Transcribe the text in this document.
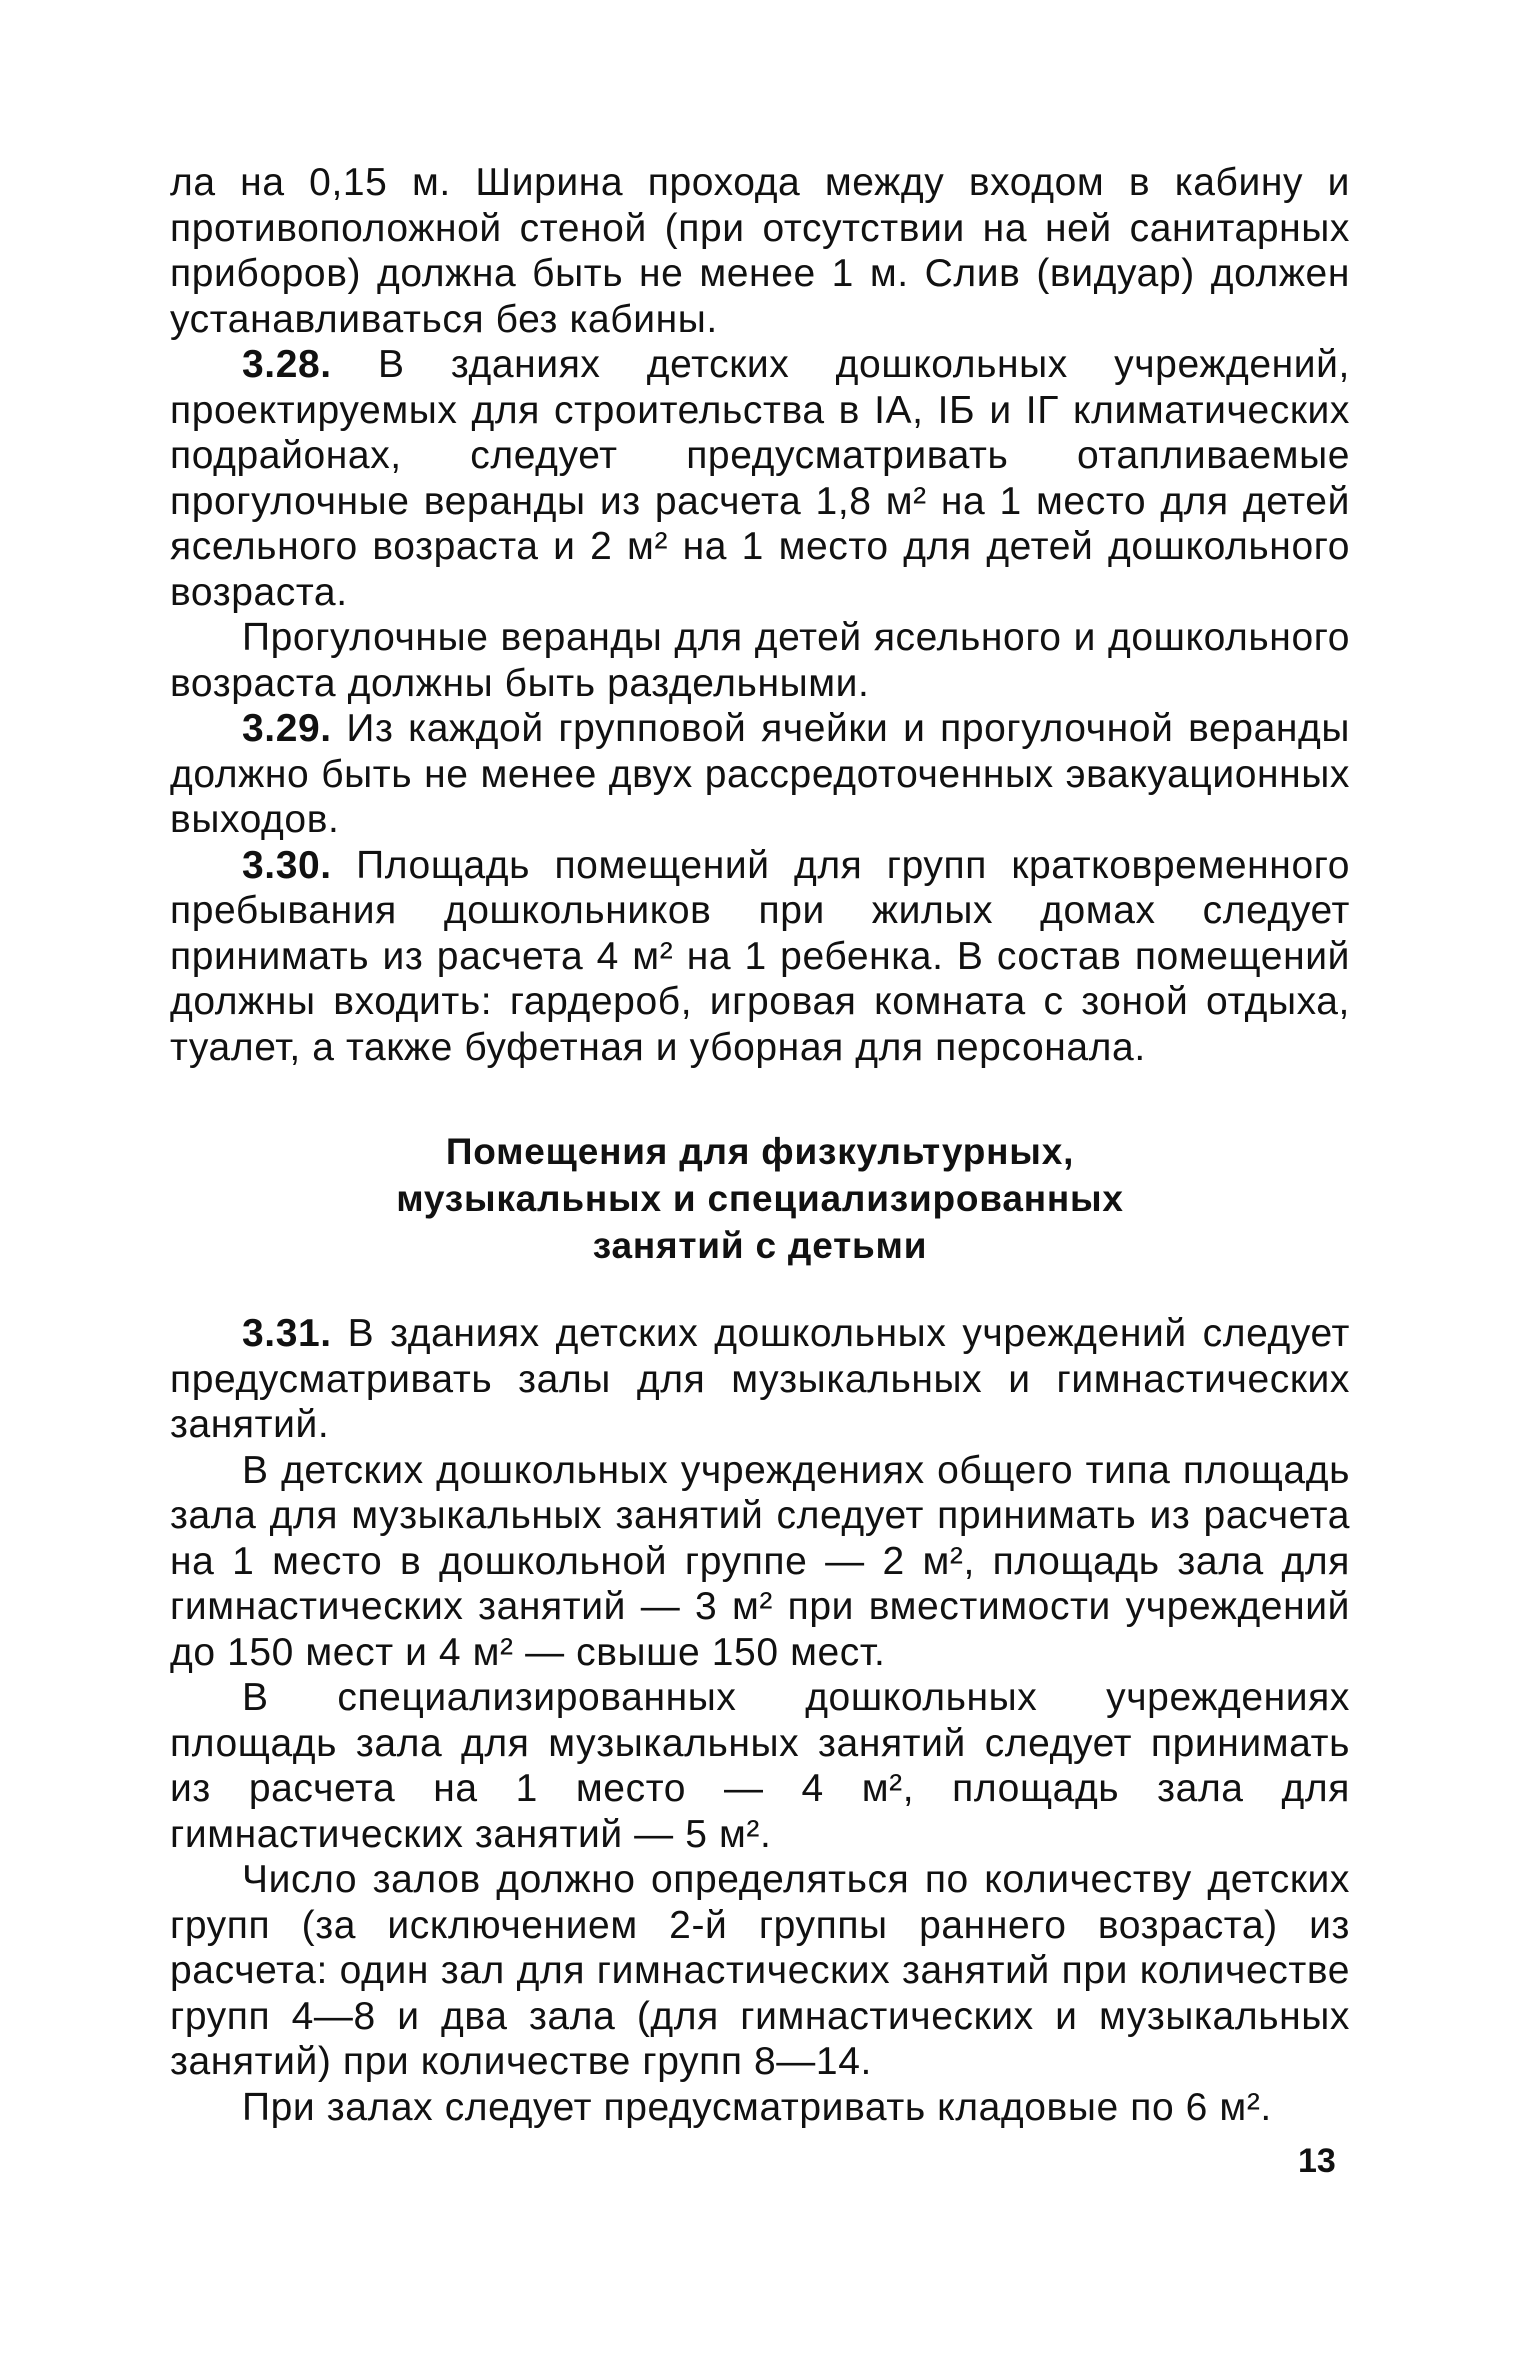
ла на 0,15 м. Ширина прохода между входом в кабину и противоположной стеной (при отсутствии на ней санитарных приборов) должна быть не менее 1 м. Слив (видуар) должен устанавливаться без кабины.

3.28. В зданиях детских дошкольных учреждений, проектируемых для строительства в IA, IБ и IГ климатических подрайонах, следует предусматривать отапливаемые прогулочные веранды из расчета 1,8 м² на 1 место для детей ясельного возраста и 2 м² на 1 место для детей дошкольного возраста.

Прогулочные веранды для детей ясельного и дошкольного возраста должны быть раздельными.

3.29. Из каждой групповой ячейки и прогулочной веранды должно быть не менее двух рассредоточенных эвакуационных выходов.

3.30. Площадь помещений для групп кратковременного пребывания дошкольников при жилых домах следует принимать из расчета 4 м² на 1 ребенка. В состав помещений должны входить: гардероб, игровая комната с зоной отдыха, туалет, а также буфетная и уборная для персонала.

Помещения для физкультурных,
музыкальных и специализированных
занятий с детьми

3.31. В зданиях детских дошкольных учреждений следует предусматривать залы для музыкальных и гимнастических занятий.

В детских дошкольных учреждениях общего типа площадь зала для музыкальных занятий следует принимать из расчета на 1 место в дошкольной группе — 2 м², площадь зала для гимнастических занятий — 3 м² при вместимости учреждений до 150 мест и 4 м² — свыше 150 мест.

В специализированных дошкольных учреждениях площадь зала для музыкальных занятий следует принимать из расчета на 1 место — 4 м², площадь зала для гимнастических занятий — 5 м².

Число залов должно определяться по количеству детских групп (за исключением 2-й группы раннего возраста) из расчета: один зал для гимнастических занятий при количестве групп 4—8 и два зала (для гимнастических и музыкальных занятий) при количестве групп 8—14.

При залах следует предусматривать кладовые по 6 м².

13
